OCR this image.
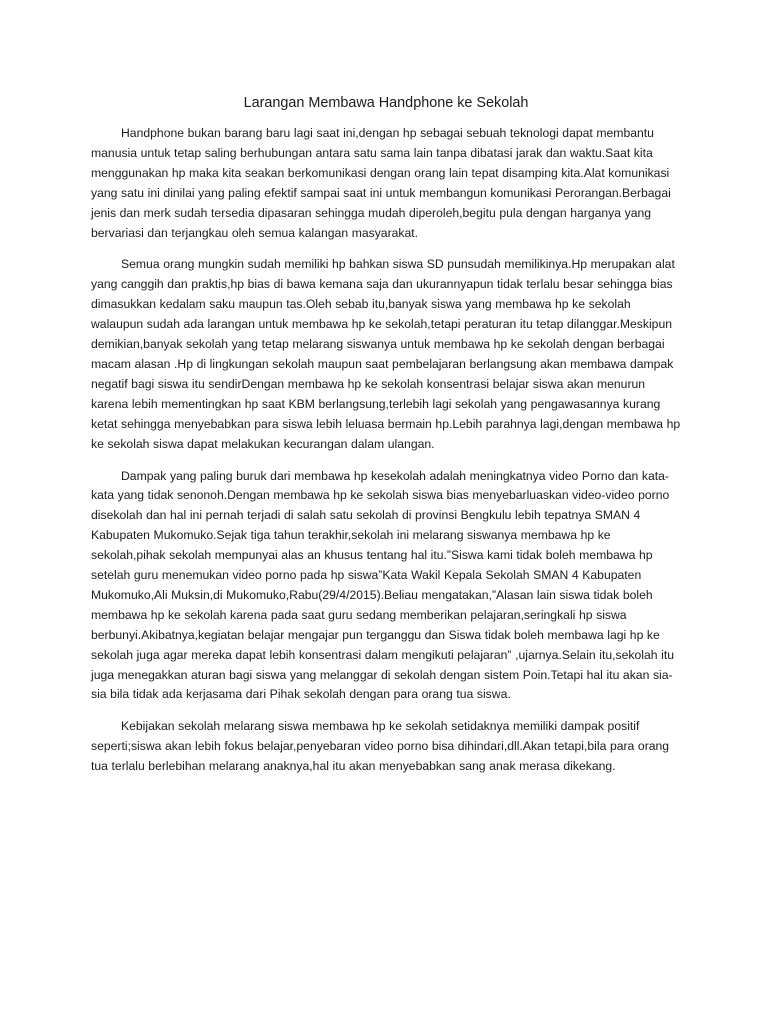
Larangan Membawa Handphone ke Sekolah

Handphone bukan barang baru lagi saat ini,dengan hp sebagai sebuah teknologi dapat membantu manusia untuk tetap saling berhubungan antara satu sama lain tanpa dibatasi jarak dan waktu.Saat kita menggunakan hp maka kita seakan berkomunikasi dengan orang lain tepat disamping kita.Alat komunikasi yang satu ini dinilai yang paling efektif sampai saat ini untuk membangun komunikasi Perorangan.Berbagai jenis dan merk sudah tersedia dipasaran sehingga mudah diperoleh,begitu pula dengan harganya yang bervariasi dan terjangkau oleh semua kalangan masyarakat.

Semua orang mungkin sudah memiliki hp bahkan siswa SD punsudah memilikinya.Hp merupakan alat yang canggih dan praktis,hp bias di bawa kemana saja dan ukurannyapun tidak terlalu besar sehingga bias dimasukkan kedalam saku maupun tas.Oleh sebab itu,banyak siswa yang membawa hp ke sekolah walaupun sudah ada larangan untuk membawa hp ke sekolah,tetapi peraturan itu tetap dilanggar.Meskipun demikian,banyak sekolah yang tetap melarang siswanya untuk membawa hp ke sekolah dengan berbagai macam alasan .Hp di lingkungan sekolah maupun saat pembelajaran berlangsung akan membawa dampak negatif bagi siswa itu sendirDengan membawa hp ke sekolah konsentrasi belajar siswa akan menurun karena lebih mementingkan hp saat KBM berlangsung,terlebih lagi sekolah yang pengawasannya kurang ketat sehingga menyebabkan para siswa lebih leluasa bermain hp.Lebih parahnya lagi,dengan membawa hp ke sekolah siswa dapat melakukan kecurangan dalam ulangan.

Dampak yang paling buruk dari membawa hp kesekolah adalah meningkatnya video Porno dan kata-kata yang tidak senonoh.Dengan membawa hp ke sekolah siswa bias menyebarluaskan video-video porno disekolah dan hal ini pernah terjadi di salah satu sekolah di provinsi Bengkulu lebih tepatnya SMAN 4 Kabupaten Mukomuko.Sejak tiga tahun terakhir,sekolah ini melarang siswanya membawa hp ke sekolah,pihak sekolah mempunyai alas an khusus tentang hal itu.”Siswa kami tidak boleh membawa hp setelah guru menemukan video porno pada hp siswa”Kata Wakil Kepala Sekolah SMAN 4 Kabupaten Mukomuko,Ali Muksin,di Mukomuko,Rabu(29/4/2015).Beliau mengatakan,”Alasan lain siswa tidak boleh membawa hp ke sekolah karena pada saat guru sedang memberikan pelajaran,seringkali hp siswa berbunyi.Akibatnya,kegiatan belajar mengajar pun terganggu dan Siswa tidak boleh membawa lagi hp ke sekolah juga agar mereka dapat lebih konsentrasi dalam mengikuti pelajaran” ,ujarnya.Selain itu,sekolah itu juga menegakkan aturan bagi siswa yang melanggar di sekolah dengan sistem Poin.Tetapi hal itu akan sia-sia bila tidak ada kerjasama dari Pihak sekolah dengan para orang tua siswa.

Kebijakan sekolah melarang siswa membawa hp ke sekolah setidaknya memiliki dampak positif seperti;siswa akan lebih fokus belajar,penyebaran video porno bisa dihindari,dll.Akan tetapi,bila para orang tua terlalu berlebihan melarang anaknya,hal itu akan menyebabkan sang anak merasa dikekang.
